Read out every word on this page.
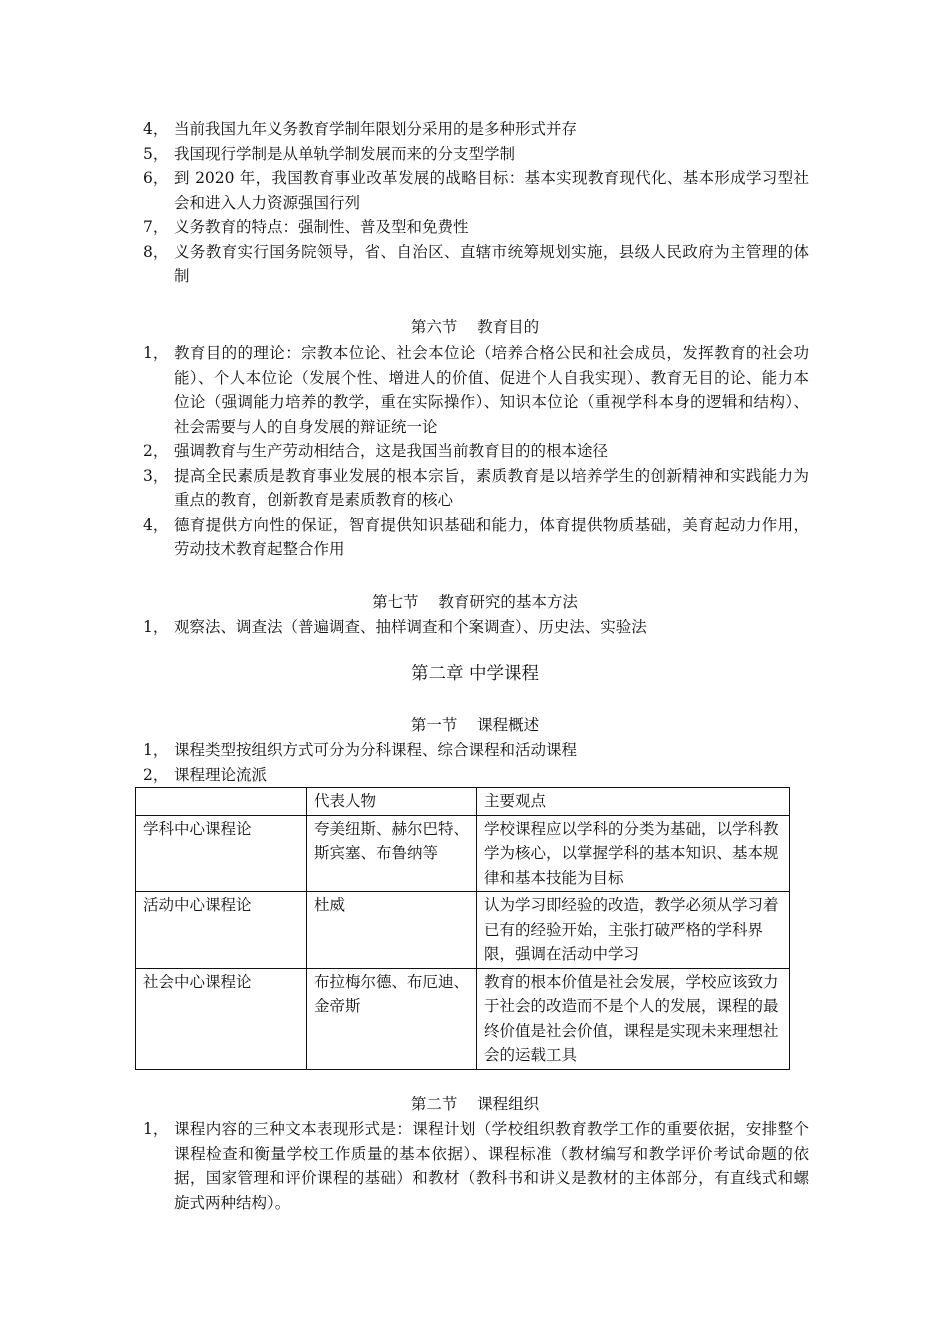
4， 当前我国九年义务教育学制年限划分采用的是多种形式并存
5， 我国现行学制是从单轨学制发展而来的分支型学制
6， 到 2020 年，我国教育事业改革发展的战略目标：基本实现教育现代化、基本形成学习型社会和进入人力资源强国行列
7， 义务教育的特点：强制性、普及型和免费性
8， 义务教育实行国务院领导，省、自治区、直辖市统筹规划实施，县级人民政府为主管理的体制
第六节    教育目的
1， 教育目的的理论：宗教本位论、社会本位论（培养合格公民和社会成员，发挥教育的社会功能）、个人本位论（发展个性、增进人的价值、促进个人自我实现）、教育无目的论、能力本位论（强调能力培养的教学，重在实际操作）、知识本位论（重视学科本身的逻辑和结构）、社会需要与人的自身发展的辩证统一论
2， 强调教育与生产劳动相结合，这是我国当前教育目的的根本途径
3， 提高全民素质是教育事业发展的根本宗旨，素质教育是以培养学生的创新精神和实践能力为重点的教育，创新教育是素质教育的核心
4， 德育提供方向性的保证，智育提供知识基础和能力，体育提供物质基础，美育起动力作用，劳动技术教育起整合作用
第七节    教育研究的基本方法
1， 观察法、调查法（普遍调查、抽样调查和个案调查）、历史法、实验法
第二章 中学课程
第一节    课程概述
1， 课程类型按组织方式可分为分科课程、综合课程和活动课程
2， 课程理论流派
	代表人物	主要观点
学科中心课程论	夸美纽斯、赫尔巴特、斯宾塞、布鲁纳等	学校课程应以学科的分类为基础，以学科教学为核心，以掌握学科的基本知识、基本规律和基本技能为目标
活动中心课程论	杜威	认为学习即经验的改造，教学必须从学习着已有的经验开始，主张打破严格的学科界限，强调在活动中学习
社会中心课程论	布拉梅尔德、布厄迪、金帝斯	教育的根本价值是社会发展，学校应该致力于社会的改造而不是个人的发展，课程的最终价值是社会价值，课程是实现未来理想社会的运载工具
第二节    课程组织
1， 课程内容的三种文本表现形式是：课程计划（学校组织教育教学工作的重要依据，安排整个课程检查和衡量学校工作质量的基本依据）、课程标准（教材编写和教学评价考试命题的依据，国家管理和评价课程的基础）和教材（教科书和讲义是教材的主体部分，有直线式和螺旋式两种结构）。
